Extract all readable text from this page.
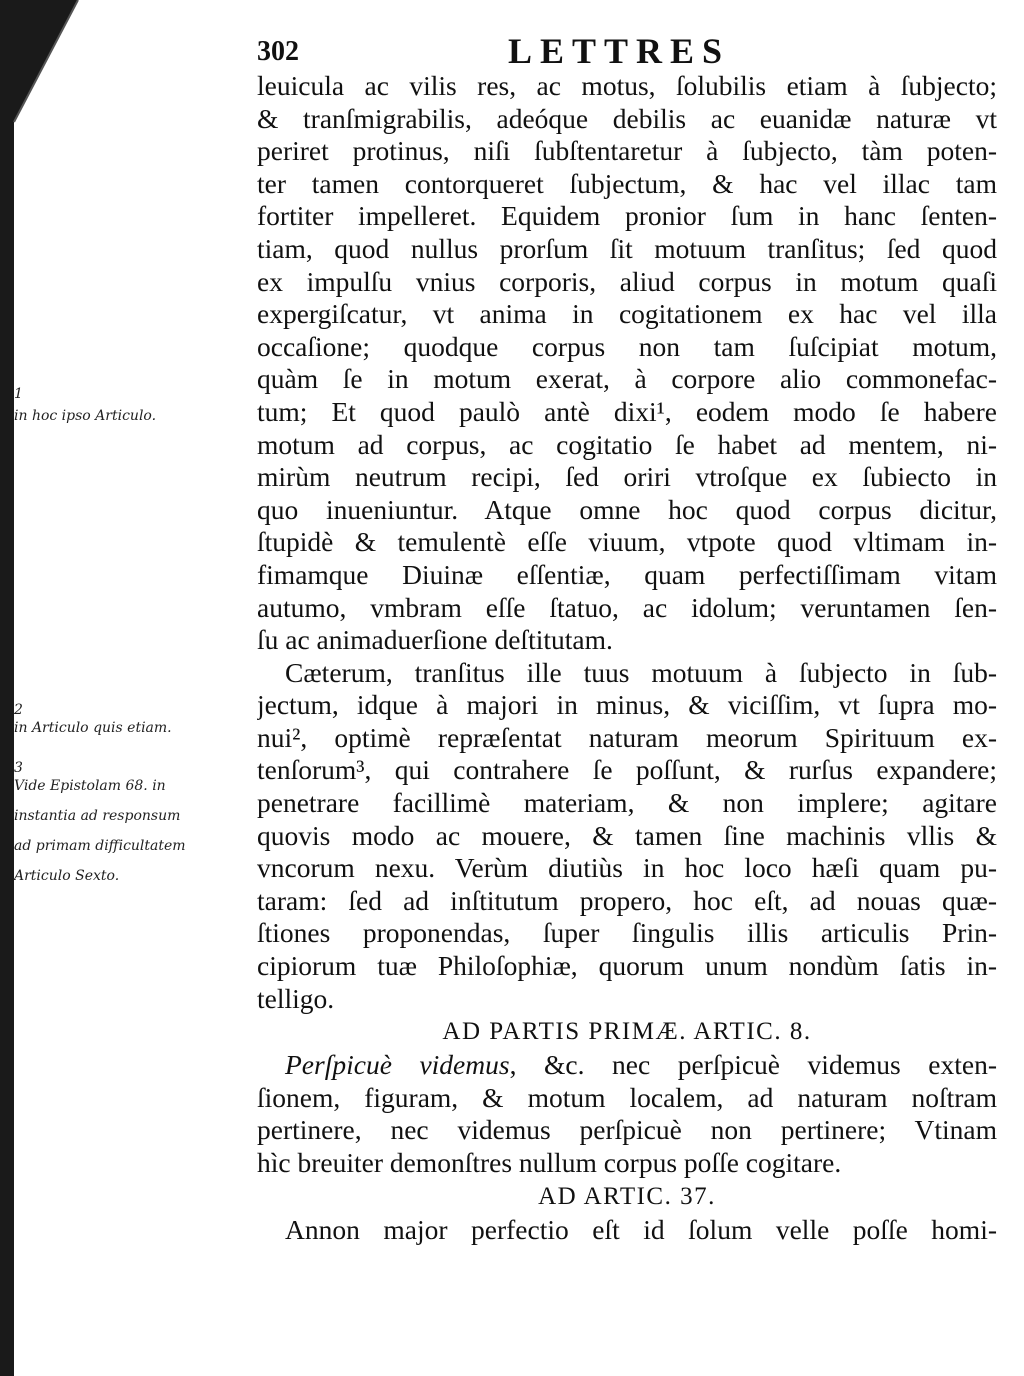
302	LETTRES
leuicula ac vilis res, ac motus, ſolubilis etiam à ſubjecto;
& tranſmigrabilis, adeóque debilis ac euanidæ naturæ vt
periret protinus, niſi ſubſtentaretur à ſubjecto, tàm poten-
ter tamen contorqueret ſubjectum, & hac vel illac tam
fortiter impelleret. Equidem pronior ſum in hanc ſenten-
tiam, quod nullus prorſum ſit motuum tranſitus; ſed quod
ex impulſu vnius corporis, aliud corpus in motum quaſi
expergiſcatur, vt anima in cogitationem ex hac vel illa
occaſione; quodque corpus non tam ſuſcipiat motum,
quàm ſe in motum exerat, à corpore alio commonefac-
tum; Et quod paulò antè dixi¹, eodem modo ſe habere
motum ad corpus, ac cogitatio ſe habet ad mentem, ni-
mirùm neutrum recipi, ſed oriri vtroſque ex ſubiecto in
quo inueniuntur. Atque omne hoc quod corpus dicitur,
ſtupidè & temulentè eſſe viuum, vtpote quod vltimam in-
fimamque Diuinæ eſſentiæ, quam perfectiſſimam vitam
autumo, vmbram eſſe ſtatuo, ac idolum; veruntamen ſen-
ſu ac animaduerſione deſtitutam.
Cæterum, tranſitus ille tuus motuum à ſubjecto in ſub-
jectum, idque à majori in minus, & viciſſim, vt ſupra mo-
nui², optimè repræſentat naturam meorum Spirituum ex-
tenſorum³, qui contrahere ſe poſſunt, & rurſus expandere;
penetrare facillimè materiam, & non implere; agitare
quovis modo ac mouere, & tamen ſine machinis vllis &
vncorum nexu. Verùm diutiùs in hoc loco hæſi quam pu-
taram: ſed ad inſtitutum propero, hoc eſt, ad nouas quæ-
ſtiones proponendas, ſuper ſingulis illis articulis Prin-
cipiorum tuæ Philoſophiæ, quorum unum nondùm ſatis in-
telligo.
AD PARTIS PRIMÆ. ARTIC. 8.
Perſpicuè videmus, &c. nec perſpicuè videmus exten-
ſionem, figuram, & motum localem, ad naturam noſtram
pertinere, nec videmus perſpicuè non pertinere; Vtinam
hìc breuiter demonſtres nullum corpus poſſe cogitare.
AD ARTIC. 37.
Annon major perfectio eſt id ſolum velle poſſe homi-
1
in hoc ipso Articulo.
2
in Articulo quis etiam.
3
Vide Epistolam 68. in
instantia ad responsum
ad primam difficultatem
Articulo Sexto.
